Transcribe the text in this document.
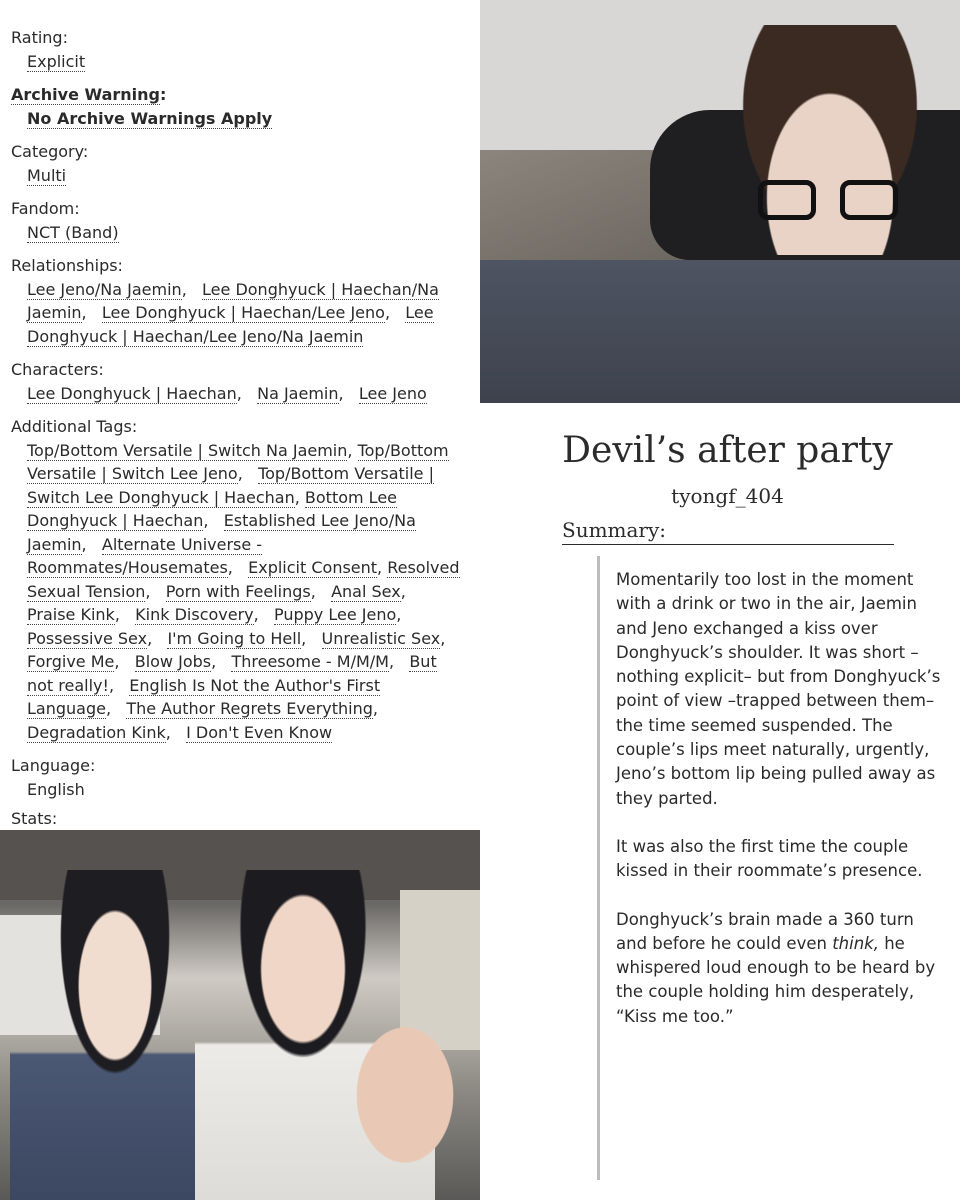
Rating:
Explicit
Archive Warning:
No Archive Warnings Apply
Category:
Multi
Fandom:
NCT (Band)
Relationships:
Lee Jeno/Na Jaemin,   Lee Donghyuck | Haechan/Na Jaemin,   Lee Donghyuck | Haechan/Lee Jeno,   Lee Donghyuck | Haechan/Lee Jeno/Na Jaemin
Characters:
Lee Donghyuck | Haechan,   Na Jaemin,   Lee Jeno
Additional Tags:
Top/Bottom Versatile | Switch Na Jaemin, Top/Bottom Versatile | Switch Lee Jeno,   Top/Bottom Versatile | Switch Lee Donghyuck | Haechan, Bottom Lee Donghyuck | Haechan,   Established Lee Jeno/Na Jaemin,   Alternate Universe - Roommates/Housemates,   Explicit Consent, Resolved Sexual Tension,   Porn with Feelings,   Anal Sex,   Praise Kink,   Kink Discovery,   Puppy Lee Jeno, Possessive Sex,   I'm Going to Hell,   Unrealistic Sex, Forgive Me,   Blow Jobs,   Threesome - M/M/M,   But not really!,   English Is Not the Author's First Language,   The Author Regrets Everything, Degradation Kink,   I Don't Even Know
Language:
English
Stats:

Devil’s after party
tyongf_404
Summary:

Momentarily too lost in the moment with a drink or two in the air, Jaemin and Jeno exchanged a kiss over Donghyuck’s shoulder. It was short –nothing explicit– but from Donghyuck’s point of view –trapped between them– the time seemed suspended. The couple’s lips meet naturally, urgently, Jeno’s bottom lip being pulled away as they parted.

It was also the first time the couple kissed in their roommate’s presence.

Donghyuck’s brain made a 360 turn and before he could even think, he whispered loud enough to be heard by the couple holding him desperately, “Kiss me too.”
